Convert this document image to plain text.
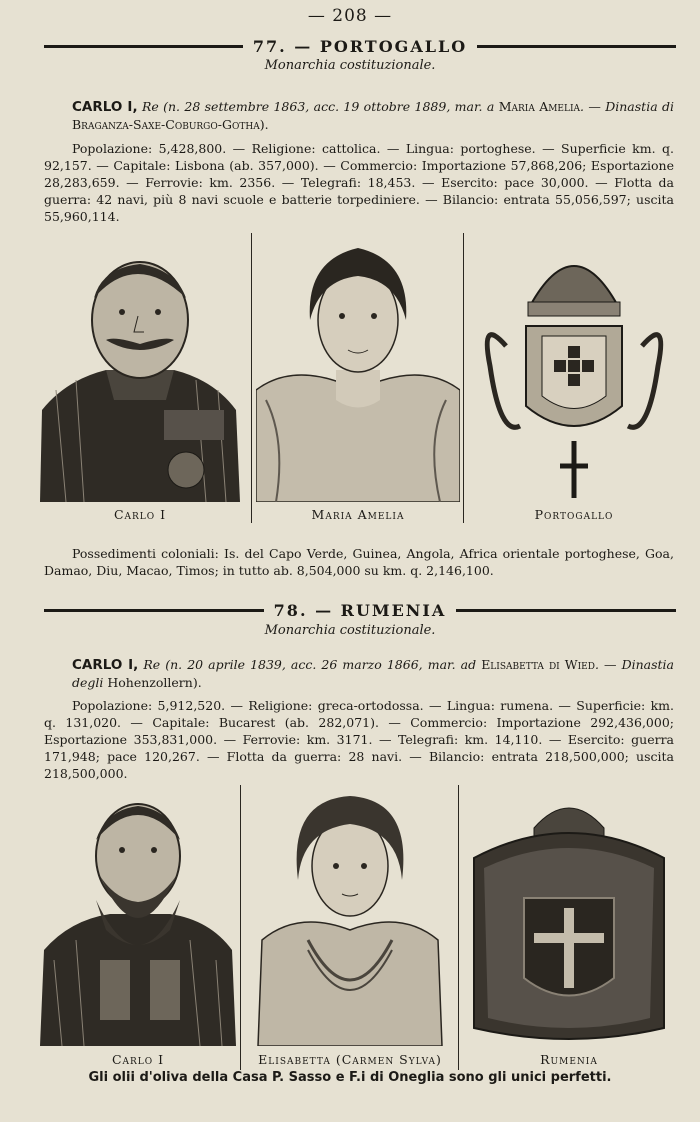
— 208 —
77. — PORTOGALLO
Monarchia costituzionale.
CARLO I, Re (n. 28 settembre 1863, acc. 19 ottobre 1889, mar. a Maria Amelia. — Dinastia di Braganza-Saxe-Coburgo-Gotha).
Popolazione: 5,428,800. — Religione: cattolica. — Lingua: portoghese. — Superficie km. q. 92,157. — Capitale: Lisbona (ab. 357,000). — Commercio: Importazione 57,868,206; Esportazione 28,283,659. — Ferrovie: km. 2356. — Telegrafi: 18,453. — Esercito: pace 30,000. — Flotta da guerra: 42 navi, più 8 navi scuole e batterie torpediniere. — Bilancio: entrata 55,056,597; uscita 55,960,114.
Carlo I	Maria Amelia	Portogallo
Possedimenti coloniali: Is. del Capo Verde, Guinea, Angola, Africa orientale portoghese, Goa, Damao, Diu, Macao, Timos; in tutto ab. 8,504,000 su km. q. 2,146,100.
78. — RUMENIA
Monarchia costituzionale.
CARLO I, Re (n. 20 aprile 1839, acc. 26 marzo 1866, mar. ad Elisabetta di Wied. — Dinastia degli Hohenzollern).
Popolazione: 5,912,520. — Religione: greca-ortodossa. — Lingua: rumena. — Superficie: km. q. 131,020. — Capitale: Bucarest (ab. 282,071). — Commercio: Importazione 292,436,000; Esportazione 353,831,000. — Ferrovie: km. 3171. — Telegrafi: km. 14,110. — Esercito: guerra 171,948; pace 120,267. — Flotta da guerra: 28 navi. — Bilancio: entrata 218,500,000; uscita 218,500,000.
Carlo I	Elisabetta (Carmen Sylva)	Rumenia
Gli olii d'oliva della Casa P. Sasso e F.i di Oneglia sono gli unici perfetti.
